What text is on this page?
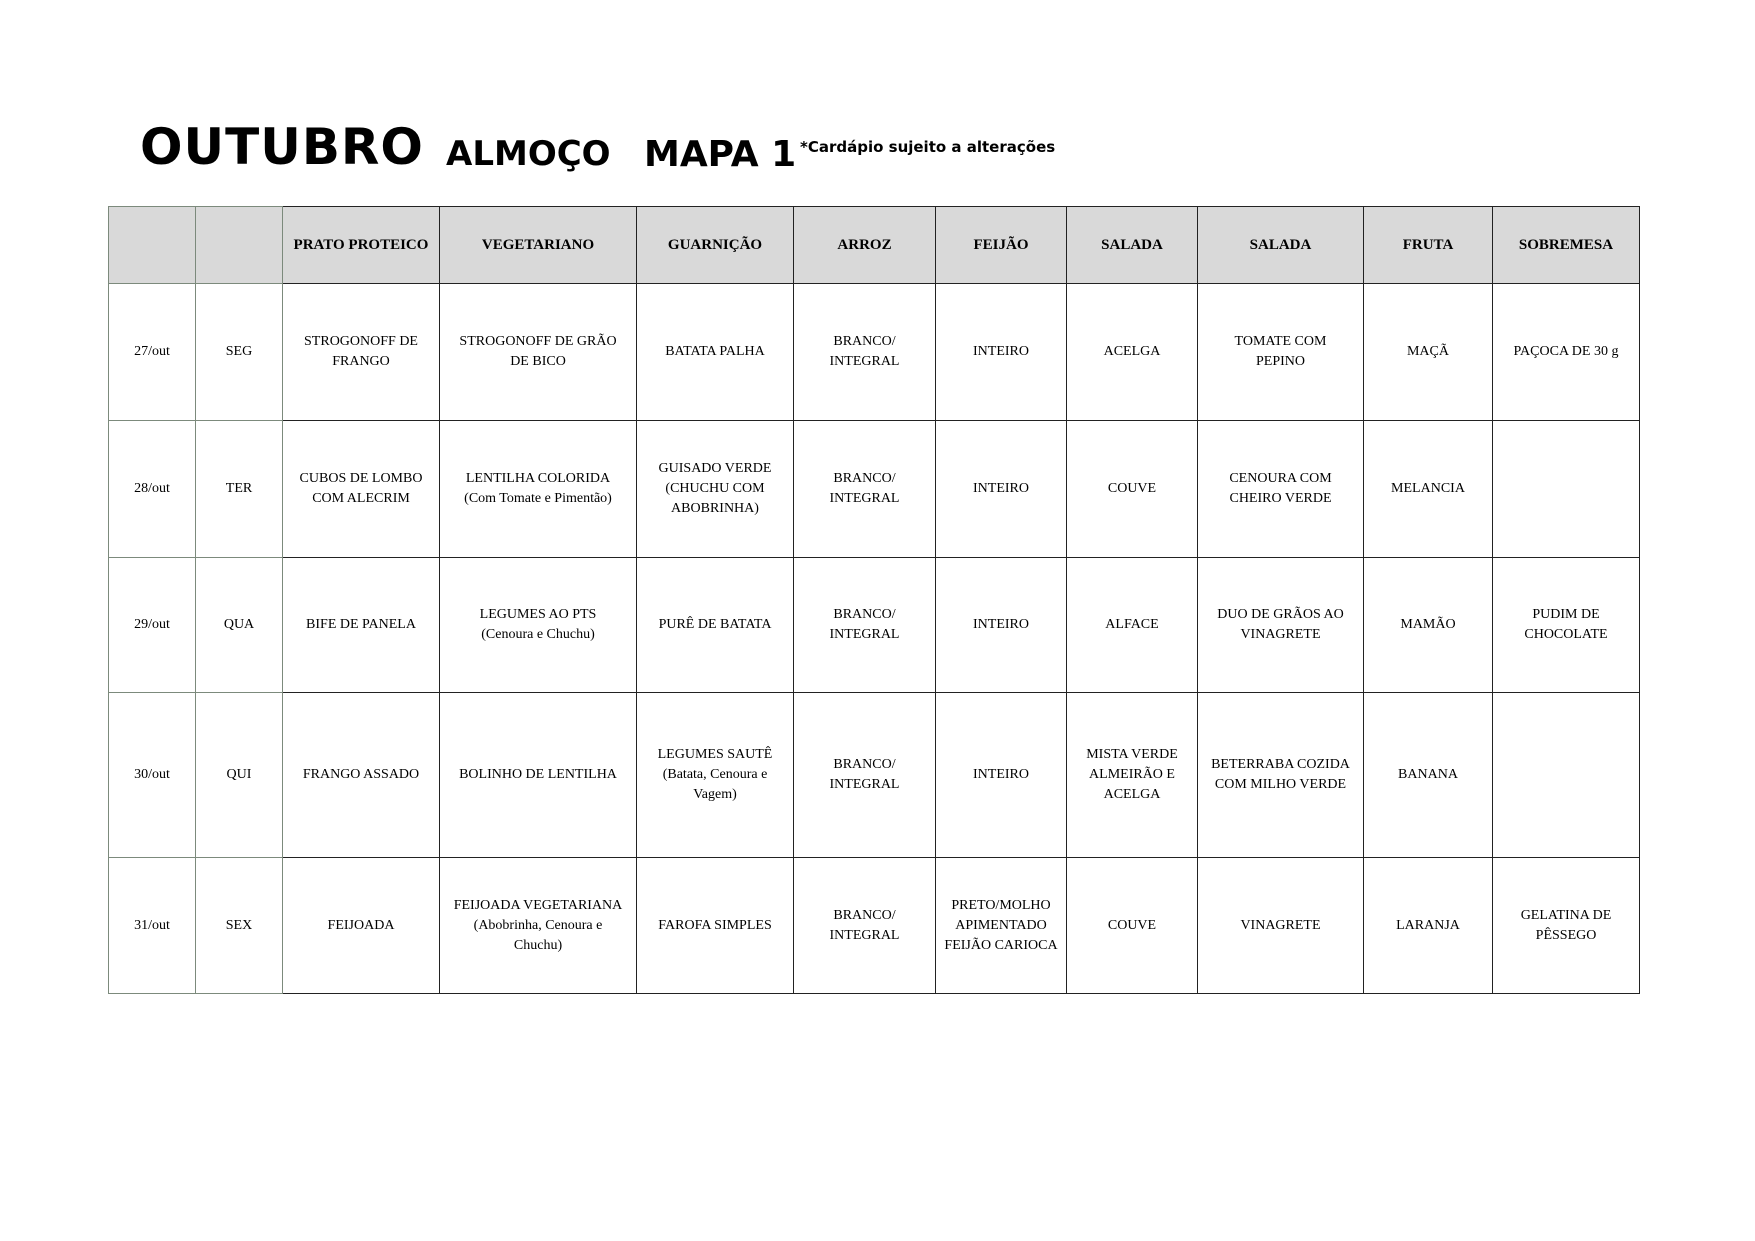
OUTUBRO ALMOÇO MAPA 1 *Cardápio sujeito a alterações
		PRATO PROTEICO	VEGETARIANO	GUARNIÇÃO	ARROZ	FEIJÃO	SALADA	SALADA	FRUTA	SOBREMESA
27/out	SEG	STROGONOFF DE
FRANGO	STROGONOFF DE GRÃO
DE BICO	BATATA PALHA	BRANCO/
INTEGRAL	INTEIRO	ACELGA	TOMATE COM
PEPINO	MAÇÃ	PAÇOCA DE 30 g

28/out	TER	CUBOS DE LOMBO
COM ALECRIM	LENTILHA COLORIDA
(Com Tomate e Pimentão)	GUISADO VERDE
(CHUCHU COM
ABOBRINHA)	BRANCO/
INTEGRAL	INTEIRO	COUVE	CENOURA COM
CHEIRO VERDE	MELANCIA	

29/out	QUA	BIFE DE PANELA	LEGUMES AO PTS
(Cenoura e Chuchu)	PURÊ DE BATATA	BRANCO/
INTEGRAL	INTEIRO	ALFACE	DUO DE GRÃOS AO
VINAGRETE	MAMÃO	PUDIM DE
CHOCOLATE

30/out	QUI	FRANGO ASSADO	BOLINHO DE LENTILHA	LEGUMES SAUTÊ
(Batata, Cenoura e
Vagem)	BRANCO/
INTEGRAL	INTEIRO	MISTA VERDE
ALMEIRÃO E
ACELGA	BETERRABA COZIDA
COM MILHO VERDE	BANANA	

31/out	SEX	FEIJOADA	FEIJOADA VEGETARIANA
(Abobrinha, Cenoura e
Chuchu)	FAROFA SIMPLES	BRANCO/
INTEGRAL	PRETO/MOLHO
APIMENTADO
FEIJÃO CARIOCA	COUVE	VINAGRETE	LARANJA	GELATINA DE
PÊSSEGO
